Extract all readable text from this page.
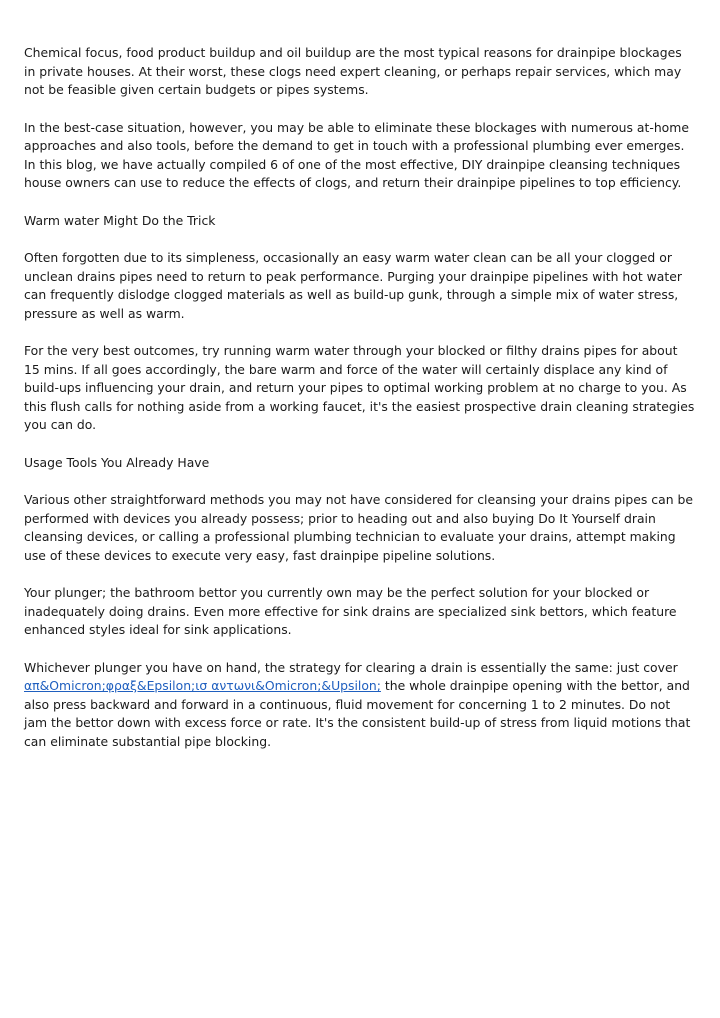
Chemical focus, food product buildup and oil buildup are the most typical reasons for drainpipe blockages in private houses. At their worst, these clogs need expert cleaning, or perhaps repair services, which may not be feasible given certain budgets or pipes systems.

In the best-case situation, however, you may be able to eliminate these blockages with numerous at-home approaches and also tools, before the demand to get in touch with a professional plumbing ever emerges. In this blog, we have actually compiled 6 of one of the most effective, DIY drainpipe cleansing techniques house owners can use to reduce the effects of clogs, and return their drainpipe pipelines to top efficiency.

Warm water Might Do the Trick

Often forgotten due to its simpleness, occasionally an easy warm water clean can be all your clogged or unclean drains pipes need to return to peak performance. Purging your drainpipe pipelines with hot water can frequently dislodge clogged materials as well as build-up gunk, through a simple mix of water stress, pressure as well as warm.

For the very best outcomes, try running warm water through your blocked or filthy drains pipes for about 15 mins. If all goes accordingly, the bare warm and force of the water will certainly displace any kind of build-ups influencing your drain, and return your pipes to optimal working problem at no charge to you. As this flush calls for nothing aside from a working faucet, it's the easiest prospective drain cleaning strategies you can do.

Usage Tools You Already Have

Various other straightforward methods you may not have considered for cleansing your drains pipes can be performed with devices you already possess; prior to heading out and also buying Do It Yourself drain cleansing devices, or calling a professional plumbing technician to evaluate your drains, attempt making use of these devices to execute very easy, fast drainpipe pipeline solutions.

Your plunger; the bathroom bettor you currently own may be the perfect solution for your blocked or inadequately doing drains. Even more effective for sink drains are specialized sink bettors, which feature enhanced styles ideal for sink applications.

Whichever plunger you have on hand, the strategy for clearing a drain is essentially the same: just cover απ&Omicron;φραξ&Epsilon;ισ αντωνι&Omicron;&Upsilon; the whole drainpipe opening with the bettor, and also press backward and forward in a continuous, fluid movement for concerning 1 to 2 minutes. Do not jam the bettor down with excess force or rate. It's the consistent build-up of stress from liquid motions that can eliminate substantial pipe blocking.
